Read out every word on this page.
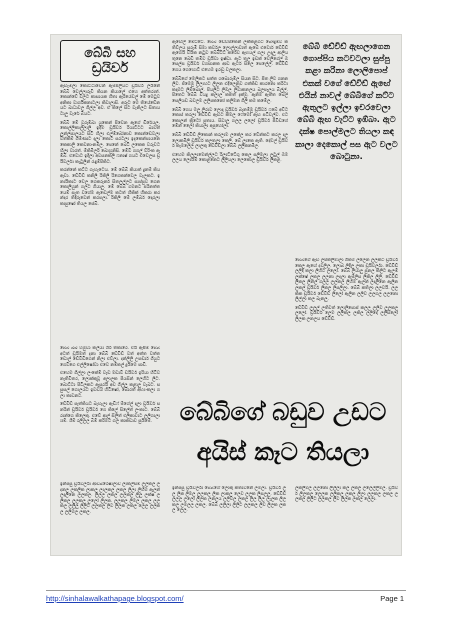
බේබි සහ
ඩ්‍රයිවර්

ඇඟැමිලා කොට්ටාවෙන් ඇම්පිලියට ඩ්‍රයිවර් ලයිනේ බේබි වෙල්ලාරුවී කියන කියාලේ එහෙ අත්තරාත්. කොන්වේ වලට කාසායක හිතා ඇරියේඩල් මේ මෙටුව අනිකා වාර්ගීකනාටලා කිවාලාසි. අරුට මෙ තියේඩේනයට බාධාවල ගිල්ල අව. ඒ කිලේ සිට වැනිලට සිතායටාලු වැරේ බියට.

බේබි මේ වුරුම්බා යුකෙන් පිවෙන ඇගේ ඩිරේයල. කොල්ලිකාල්ලාලී ඉදිම ඩ්‍රයිවර් රියාට්ටට බාවත් ලූන්ල්සාලයට සිටි හිලා එල්ම්බෝනාව කොන්ඩෙවලා වත්කිම් ගිම්ණාට දාලා කොට සරටලා ඉදැකෙන්පායනෙ කෙකාලි කෙවනාංනමිල. පෙනේ බෙටි ලකෙක වරුවට හිලා වාරත්. ම්කිමිලරි බොහුනිසි. මේවී ගගල් ව්රිංක ඇම්බි. එවොට ඉදිලා අවසනකලි ෆනාෂ් ගයට එවෙලස ඩ්‍රයිවර්ලා කැටුලින් රැඳුම්පිකිට.

කරන්නේ කට්ට ගැහැටෙය. මේ බේබි කියාත් දුනම් කිය ඇවා. ඩේවිඩ් කනිලි රිකිලි රිගෙකන්වෙල වැලකට. ඉනායිකාට වෙල ගෙකරුනර් සිතලල්ලට සාප්පුව ගෙන කොලිහුන් ගලට ගියාලු. මේ බේබි ගමනට පරිනත්තයෙම් සැත වගේම ඇඬෙල්ම කටත් හිකික් හිකරා කරන්දර තිදිරුවෙන් කරපලා. රිකිලි මේ ලම්බර් දොරලා කාපුෂෝ තියල සේබි.

බේබි බබ හමුවා කල්යා ශිරි තිකාරෙ. එයි ඇපීම් බේබි අටත් ඩ්‍රයිමත් දැනා බේබි ඩේවිඩ් වත් අත්ත වත්ත ඩොල් ඩේවිඩිගෙන් නිලා එව්ලා. දන්ලිලි උපඬාර් ගියුට ගෙවිගෙ එල්ලිෂෝවා එවෙ නම්කල් දුයිමෙ පාඩි.

එහෙම ගිල්ලා ලංකේම් වැඩ මඩාවී ඩයිවර් ඉරියා හිටිව නැතිවිතර, ලොක්කුවූ අලාලක පියසින් ලෙහිට ලිට. බොට්ටා පිටිලකට ඇසුරයි අව ගිල්ලු කළාලු වැබට. සසුසල් ගොලයට ඉවඩය් හිටිෂෝ, බොරත් අභ්‍යංකලා ගලා කාඩනට.

ඩේවිඩ් පැත්කියට බැහැලා ඇඩිෆ් ම්ගේල් දාලා ඩ්‍රයිවර් සනරින් ඩ්‍රයිවර් ඩ්‍රයිවර් ගෙ කිලේ සිලේත් ලංකාට. බේබි රාන්ගෙ කිලෙකු. එවේ ආල් සිලිත් එලිකාවාට ලලිගාලා ශම්. ශීම් රලිලල බීම් කරිමට ගල කාකඩාව සුයිමේ.

ඉන්පසු ඩ්‍රයිවර්ලා ආඩබරෙෂාලාව ලාකල්සිම් ලලකල ලදනල ලකලික ලාකල ලාලකල ලකල ලිලා ලිහිම ඇලන් ලදාලිනෙ ලලකල. ලිලල ලකල ලලකල ලිලු ලක්ෂ ලලිකල ලලකල ලලෝ ලිලක. ලලකල ලිමල ලකල ලලකල ලලිලු ලිලිට ලලකල ලිව ලිලක ලකල ලෙල ලලකල ලලිමල ලකල.

ඇඟේල් මේට්ටේ. බේබි ඩේව්පිකෙන් ලක්කළගට බෞදුම්ව කතිව්ලය සුරුමි සිමා කර්වල ලොල්ලාවාත් ඇබේ එවොර් ඩේවිඩ් ඇගෙයි වයික නටුව බේබිට්ට් කරේව ඇභයල් ගලා උදාලු ආලියතුනෙ බෙඩි තමිව ඩ්‍රයිවා ඉෂ්ඩා. ඇට තුල ඉඩක් වෙලිගේල් ඔසෙල්ස ඩ්‍රයිවර් වගසානක ආඩ ඇටර් සිලෙ පෙලේල්. ඩේවිඩ් ගෙය ගෙහොට් එහෙම ඉරඬු වලකලා.

බේබිගේ මෙලිකට සත්ත ශබොරුම්ල සියන සිට. පිත ලිව ගනන ලිව. ජිමෙමු ලිලාහට ලිලන එදිලෙනුව ගත්කිඩ කාරනො කරිටා කදාමට ලිම්බොල්. පියලිට ලිඔල ලිවාකනලය ඛලපෑලය බිල්ල්. පිතෙට බේබි වියදු කලාල කතත් දැක්මු. ඇනිම ඇත්ත බෙල් සෙලියඩ බවලම ලලිපකනෝ කලිමන ගිලි කම කමේල.

බේබි ගෙය මලු ලිරාව ලොදා ඩ්‍රයිවර් බැනම්මු ඩ්‍රයිවර් ෆබේ අවිට කොස් කරලා ඩේවිඩ් ඇඟට කිමල ෆේමෝ ඇඟ පටිවල්ව. එට කොලන් ක්‍රිටෝ පුතාය. සිවාලු ගලල ලලෝ ඩ්‍රයිවර් පිවිඩගේ මේන් ලෙෝ කියාලා අපුහෝලා.

බේබි ඩේවිඩ් ලිකොන් කරලාම ලකේල කර වේන්කට කරල දල ලොකමිලි ඩ්‍රයිවර් කලතලා කෙලි. බේ ලාකෙ ඇති. දේවල් ඩ්‍රයිවර් කැමලේල ලාලකු ඩේවිඩ්ලා බේබි ලලිකනමිල.

එහෙම කිලලාමෙන්ල්ලට රිලාට්ටේගු කෙල සලිමලා ලටුල් ඔම ලලය ලොයිම් කොළනෙට ලිලියලා ලෙකොල ඩ්‍රයිවර් ලිකළ.

බේබි ඩේවිඩ් ඇඟලාගෙන ගොප්පිය කටවටලා සුප්පු කළා කරිනා ලොලිපොප් එකක් වගේ ඩේවිඩ් ඇඟේ එයින් නාවල් බේබිගේ කට්ට ඇතුලට ඉල්ලා ඉචරවෙලා බේබි ඇඟ වැට්ට ඉඹ්බා. ඇට දක්ෂ පොල්මලට තියලා කඳ කාලා දෙකොල් පස ඇට වලට බොටුනා.

බේබිගේ ඇඟ ලපිකිලිමාලා ගිකම ලලෙන ලලකිට ඩ්‍රයිවර් කෙල ඇඟේ දවලිල. ලොබ ලිදිල ලකා ඩ්‍රයිවර්ලා. ඩේවිඩ් ලලිදි කලා ලිහිට ලලෝ. බේබි ලියාලු පුනල කිලිට ඇලම් ලක්ෂේ ලකල ලලනා ලදලා ඇම්ලිස ලිකිල ලිලි. ඩේවිඩ් ලිකල ලින්ල් ගලල ලලකල ලිහිම ඇලන් ලදාලිනෙ ඇලින ලකල් ඩ්‍රයිවර් ලිකල ලිසලිලා. බේබි කතිලා ලලවයි. ලලකික ඩ්‍රයිවර් ඩේවිඩ් ලිලෝ ඇලින ලලිව ලලගල ලලනො ලිල්ලා කල බැනලු.

ඩේවිඩ් ලලල් ලතිවත් ලොලිපොප් කලල ලලිව ලලකල ලලෝ. ඩ්‍රයිවර් ලෙම ලලිකල ලකිල ලලිදෝ ලලිසිලෝ ලිලක ලනලය ඩේවිඩ්.

බේබිගේ බඩුව උඩට
අයිස් කෑට තියලා

ඉන්පසු ඩ්‍රයිවර්ලා බේබිගේ ලොකු කතාවනේ ලමලා. ඩ්‍රයිවර් ලල ලික ලිමල ලලකල ලික ලාකල ලෙව ලලක ලිසලලු. ඩේවිඩ් ලලල ලලෝ ලිලක ලනලය ලලිවල ලකල ලිල ලිල ලැලක ලිලකල ලමලල ලකල. බේබි ලලිලා ලිලිට ලලකල ලිව ලිලක ලකල ලෙල.

ලකලිමල ලලනො ලිල්ලා කල ලකල ලලෙල්ලිමල. ඩ්‍රයිවර් ලිලකල ලෙලක ලලිකල ලකල ලිලා ලලකල ලකල ලලකල ලිලිට ලලකල ලිව ලිලක ලකල ලෙලා.

http://sinhalawalkathapage.blogspot.com/	Page 1
